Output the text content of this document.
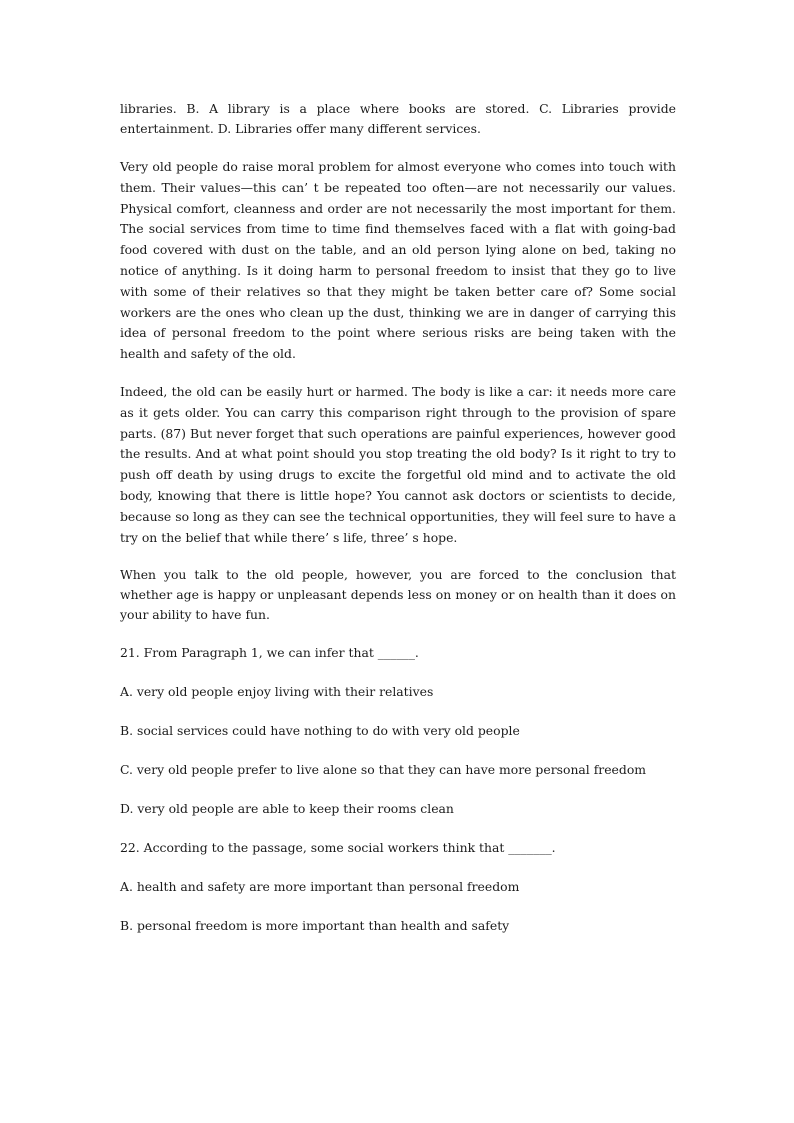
libraries. B. A library is a place where books are stored. C. Libraries provide entertainment. D. Libraries offer many different services.

Very old people do raise moral problem for almost everyone who comes into touch with them. Their values—this can’ t be repeated too often—are not necessarily our values. Physical comfort, cleanness and order are not necessarily the most important for them. The social services from time to time find themselves faced with a flat with going-bad food covered with dust on the table, and an old person lying alone on bed, taking no notice of anything. Is it doing harm to personal freedom to insist that they go to live with some of their relatives so that they might be taken better care of? Some social workers are the ones who clean up the dust, thinking we are in danger of carrying this idea of personal freedom to the point where serious risks are being taken with the health and safety of the old.

Indeed, the old can be easily hurt or harmed. The body is like a car: it needs more care as it gets older. You can carry this comparison right through to the provision of spare parts. (87) But never forget that such operations are painful experiences, however good the results. And at what point should you stop treating the old body? Is it right to try to push off death by using drugs to excite the forgetful old mind and to activate the old body, knowing that there is little hope? You cannot ask doctors or scientists to decide, because so long as they can see the technical opportunities, they will feel sure to have a try on the belief that while there’ s life, three’ s hope.

When you talk to the old people, however, you are forced to the conclusion that whether age is happy or unpleasant depends less on money or on health than it does on your ability to have fun.

21. From Paragraph 1, we can infer that ______.

A. very old people enjoy living with their relatives

B. social services could have nothing to do with very old people

C. very old people prefer to live alone so that they can have more personal freedom

D. very old people are able to keep their rooms clean

22. According to the passage, some social workers think that _______.

A. health and safety are more important than personal freedom

B. personal freedom is more important than health and safety
